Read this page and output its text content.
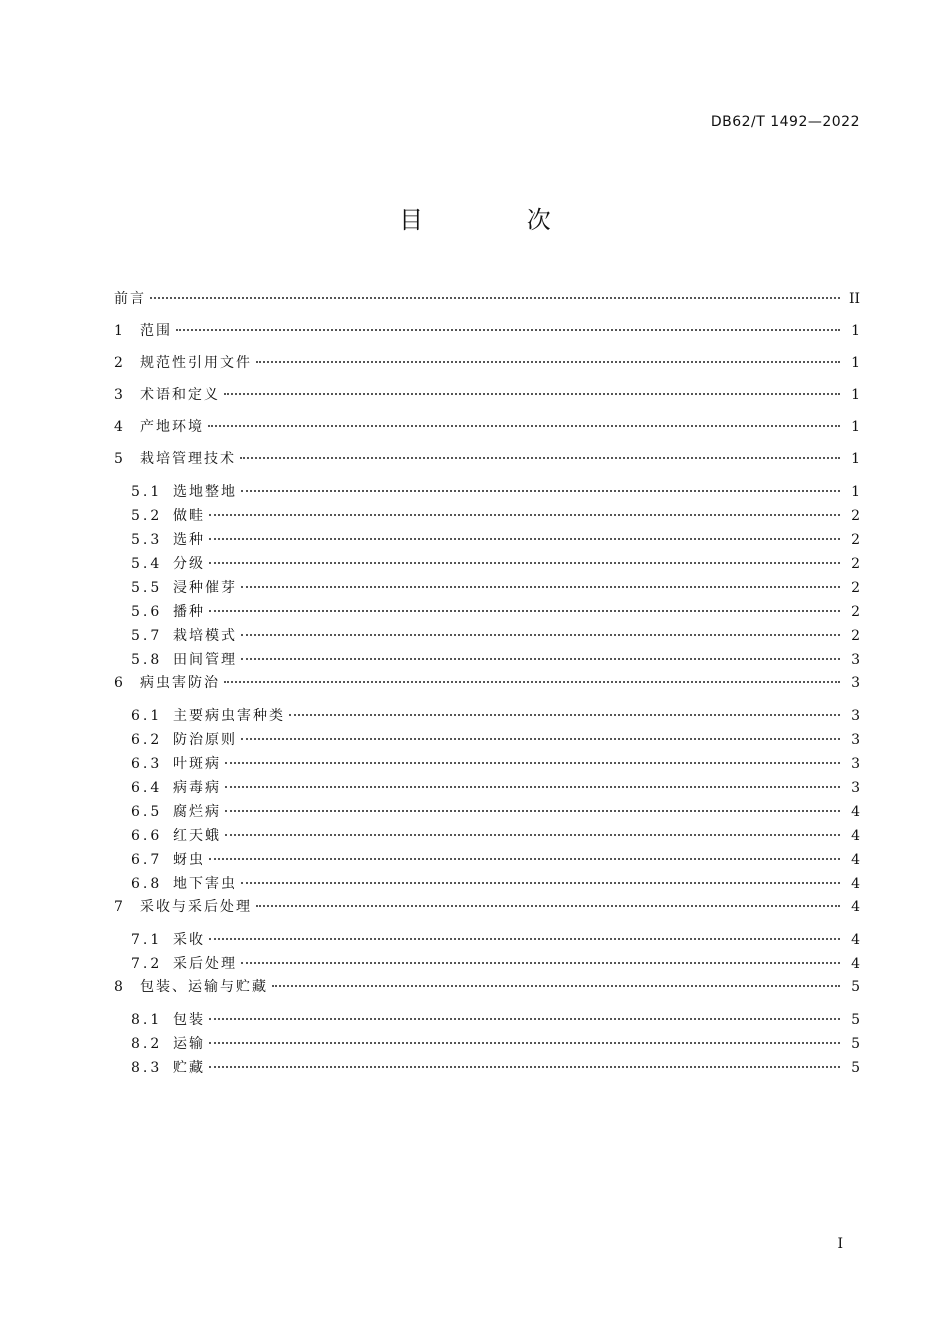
DB62/T 1492—2022
目 次
前言	II
1	范围	1
2	规范性引用文件	1
3	术语和定义	1
4	产地环境	1
5	栽培管理技术	1
5.1 选地整地	1
5.2 做畦	2
5.3 选种	2
5.4 分级	2
5.5 浸种催芽	2
5.6 播种	2
5.7 栽培模式	2
5.8 田间管理	3
6	病虫害防治	3
6.1 主要病虫害种类	3
6.2 防治原则	3
6.3 叶斑病	3
6.4 病毒病	3
6.5 腐烂病	4
6.6 红天蛾	4
6.7 蚜虫	4
6.8 地下害虫	4
7	采收与采后处理	4
7.1 采收	4
7.2 采后处理	4
8	包装、运输与贮藏	5
8.1 包装	5
8.2 运输	5
8.3 贮藏	5
I
